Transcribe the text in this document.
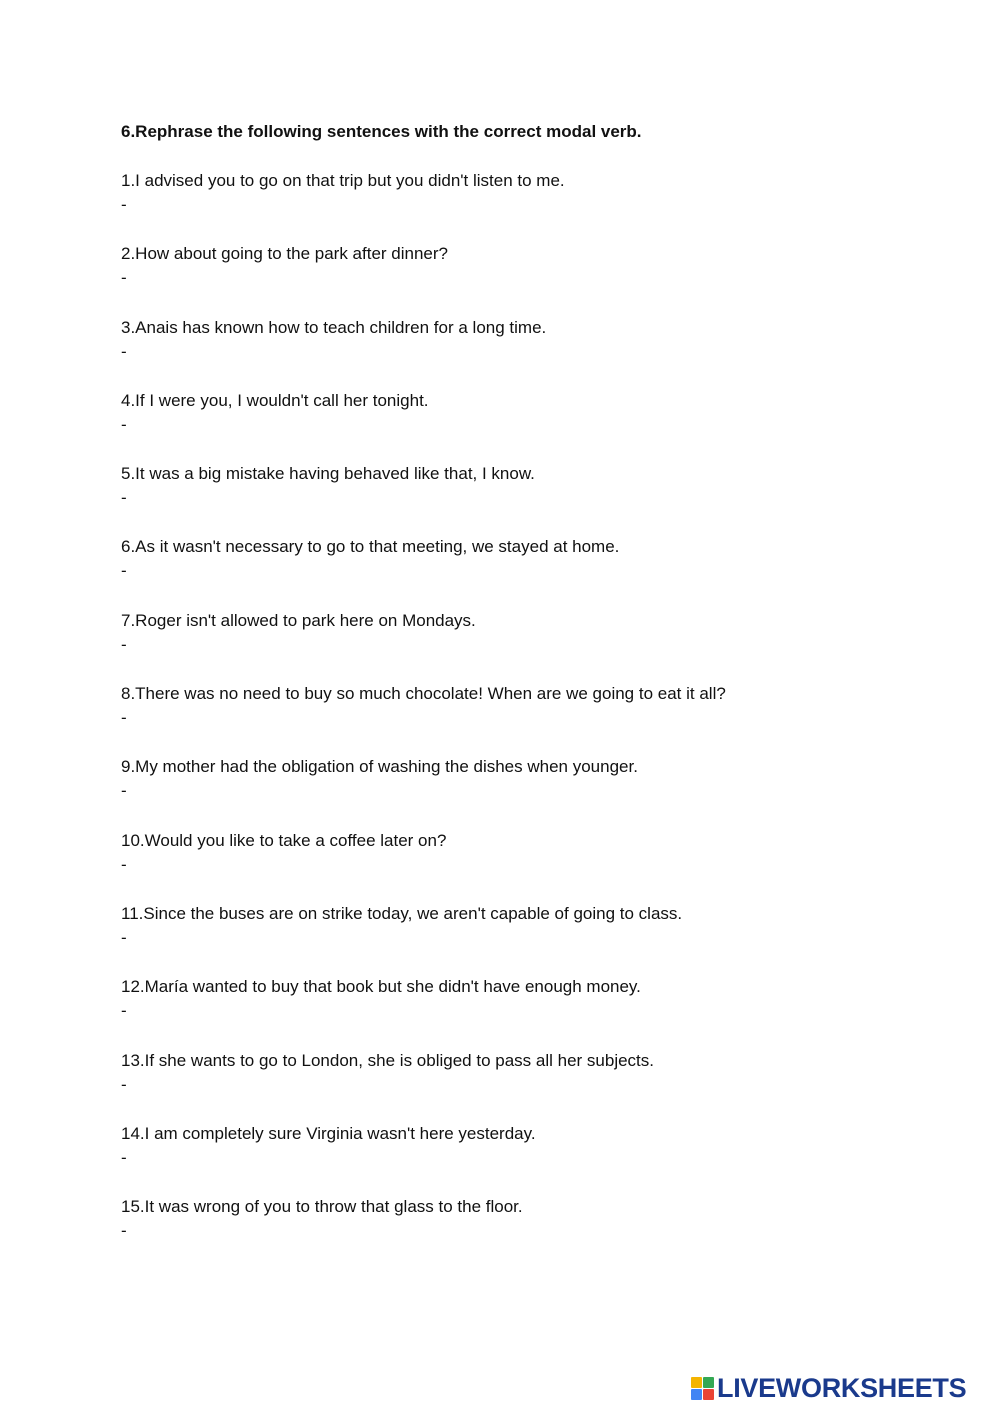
6.Rephrase the following sentences with the correct modal verb.
1.I advised you to go on that trip but you didn't listen to me.
-
2.How about going to the park after dinner?
-
3.Anais has known how to teach children for a long time.
-
4.If I were you, I wouldn't call her tonight.
-
5.It was a big mistake having behaved like that, I know.
-
6.As it wasn't necessary to go to that meeting, we stayed at home.
-
7.Roger isn't allowed to park here on Mondays.
-
8.There was no need to buy so much chocolate! When are we going to eat it all?
-
9.My mother had the obligation of washing the dishes when younger.
-
10.Would you like to take a coffee later on?
-
11.Since the buses are on strike today, we aren't capable of going to class.
-
12.María wanted to buy that book but she didn't have enough money.
-
13.If she wants to go to London, she is obliged to pass all her subjects.
-
14.I am completely sure Virginia wasn't here yesterday.
-
15.It was wrong of you to throw that glass to the floor.
-
LIVEWORKSHEETS
